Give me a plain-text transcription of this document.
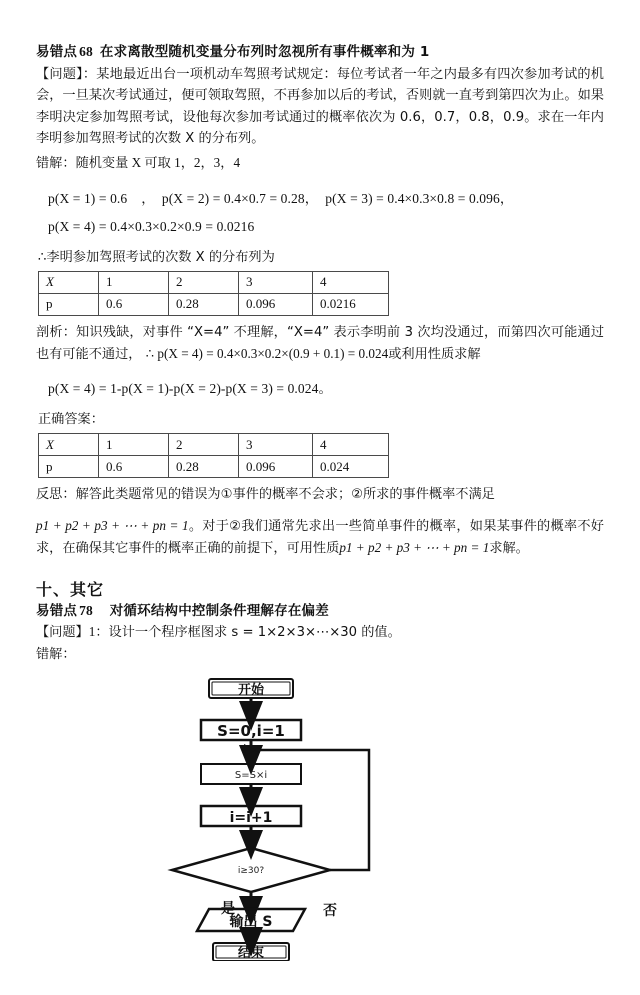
易错点 68 在求离散型随机变量分布列时忽视所有事件概率和为 1

【问题】：某地最近出台一项机动车驾照考试规定：每位考试者一年之内最多有四次参加考试的机会，一旦某次考试通过，便可领取驾照，不再参加以后的考试，否则就一直考到第四次为止。如果李明决定参加驾照考试，设他每次参加考试通过的概率依次为 0.6，0.7，0.8，0.9。求在一年内李明参加驾照考试的次数 X 的分布列。

错解：随机变量 X 可取 1，2，3，4

p(X = 1) = 0.6 ， p(X = 2) = 0.4×0.7 = 0.28， p(X = 3) = 0.4×0.3×0.8 = 0.096，
p(X = 4) = 0.4×0.3×0.2×0.9 = 0.0216
∴李明参加驾照考试的次数 X 的分布列为
X	1	2	3	4
p	0.6	0.28	0.096	0.0216

剖析：知识残缺，对事件 “X=4” 不理解，“X=4” 表示李明前 3 次均没通过，而第四次可能通过也有可能不通过， ∴ p(X = 4) = 0.4×0.3×0.2×(0.9 + 0.1) = 0.024或利用性质求解

p(X = 4) = 1-p(X = 1)-p(X = 2)-p(X = 3) = 0.024。
正确答案：
X	1	2	3	4
p	0.6	0.28	0.096	0.024

反思：解答此类题常见的错误为①事件的概率不会求；②所求的事件概率不满足

p1 + p2 + p3 + ⋯ + pn = 1。对于②我们通常先求出一些简单事件的概率，如果某事件的概率不好求，在确保其它事件的概率正确的前提下，可用性质p1 + p2 + p3 + ⋯ + pn = 1求解。

十、其它
易错点 78 对循环结构中控制条件理解存在偏差

【问题】1：设计一个程序框图求 s = 1×2×3×⋯×30 的值。

错解：

开始
S=0,i=1
S=S×i
i=i+1
i≥30?
否
是
输出 S
结束
